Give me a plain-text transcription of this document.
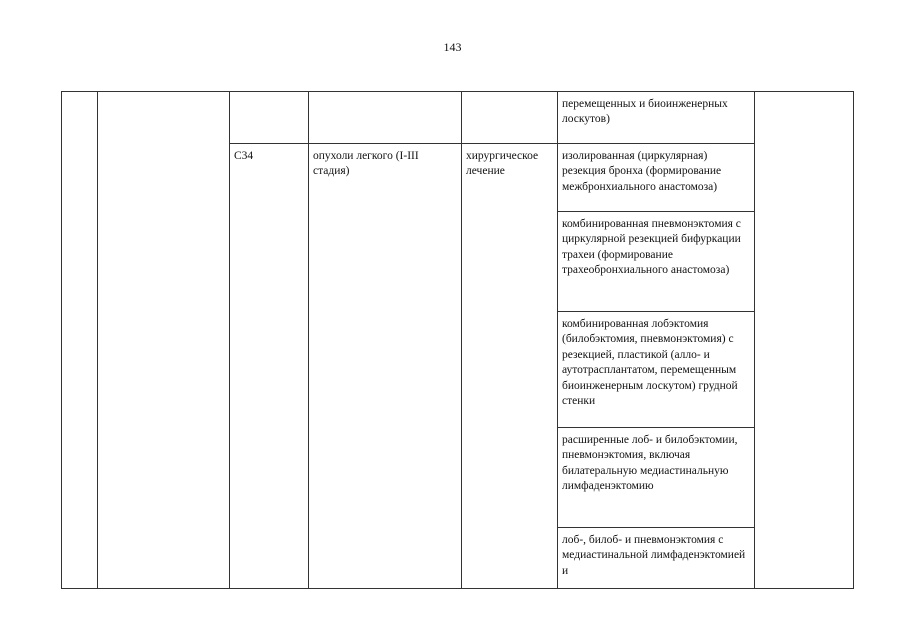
143
					перемещенных и биоинженерных лоскутов)	
		C34	опухоли легкого (I-III стадия)	хирургическое лечение	изолированная (циркулярная) резекция бронха (формирование межбронхиального анастомоза)	
					комбинированная пневмонэктомия с циркулярной резекцией бифуркации трахеи (формирование трахеобронхиального анастомоза)	
					комбинированная лобэктомия (билобэктомия, пневмонэктомия) с резекцией, пластикой (алло- и аутотрасплантатом, перемещенным биоинженерным лоскутом) грудной стенки	
					расширенные лоб- и билобэктомии, пневмонэктомия, включая билатеральную медиастинальную лимфаденэктомию	
					лоб-, билоб- и пневмонэктомия с медиастинальной лимфаденэктомией и	
